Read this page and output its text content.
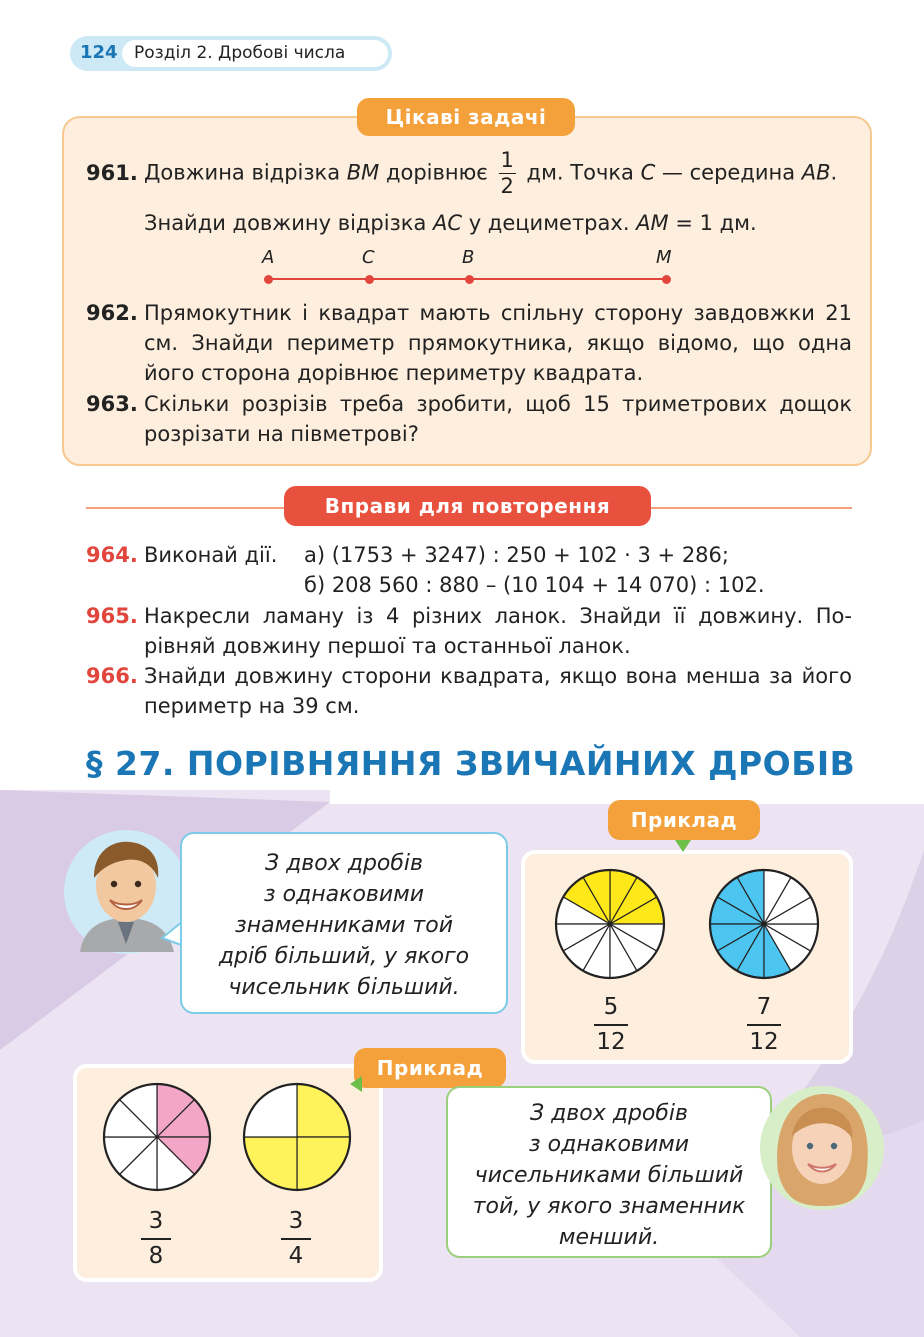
124 Розділ 2. Дробові числа
Цікаві задачі
961. Довжина відрізка BM дорівнює $\frac{1}{2}$ дм. Точка C — середина AB.
Знайди довжину відрізка AC у дециметрах. AM = 1 дм.
A	C	B	M
962. Прямокутник і квадрат мають спільну сторону завдовжки 21 см. Знайди периметр прямокутника, якщо відомо, що одна його сторона дорівнює периметру квадрата.
963. Скільки розрізів треба зробити, щоб 15 триметрових дощок розрізати на півметрові?
Вправи для повторення
964. Виконай дії. а) (1753 + 3247) : 250 + 102 · 3 + 286;
б) 208 560 : 880 – (10 104 + 14 070) : 102.
965. Накресли ламану із 4 різних ланок. Знайди її довжину. Порівняй довжину першої та останньої ланок.
966. Знайди довжину сторони квадрата, якщо вона менша за його периметр на 39 см.
§ 27. ПОРІВНЯННЯ ЗВИЧАЙНИХ ДРОБІВ
З двох дробів
з однаковими
знаменниками той
дріб більший, у якого
чисельник більший.
Приклад
$\frac{5}{12}$	$\frac{7}{12}$
Приклад
$\frac{3}{8}$	$\frac{3}{4}$
З двох дробів
з однаковими
чисельниками більший
той, у якого знаменник
менший.
